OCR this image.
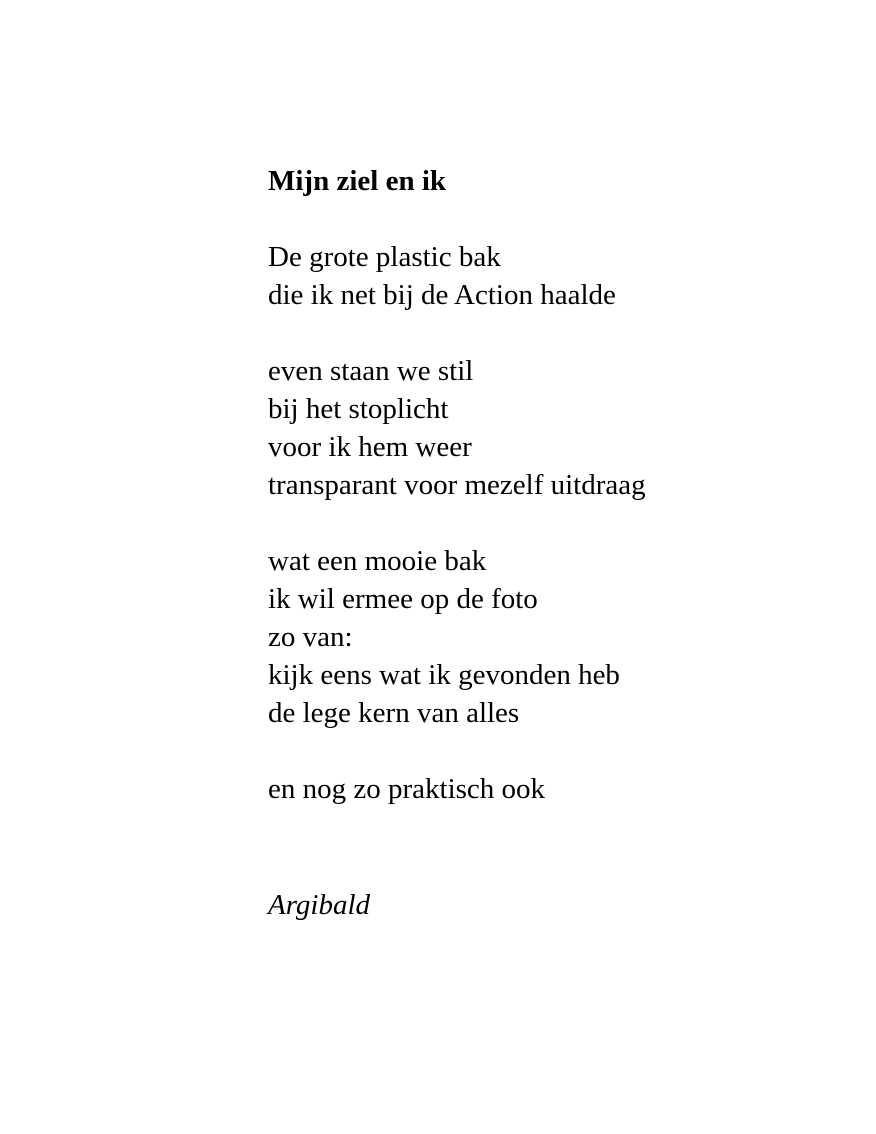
Mijn ziel en ik
De grote plastic bak
die ik net bij de Action haalde
even staan we stil
bij het stoplicht
voor ik hem weer
transparant voor mezelf uitdraag
wat een mooie bak
ik wil ermee op de foto
zo van:
kijk eens wat ik gevonden heb
de lege kern van alles
en nog zo praktisch ook
Argibald
